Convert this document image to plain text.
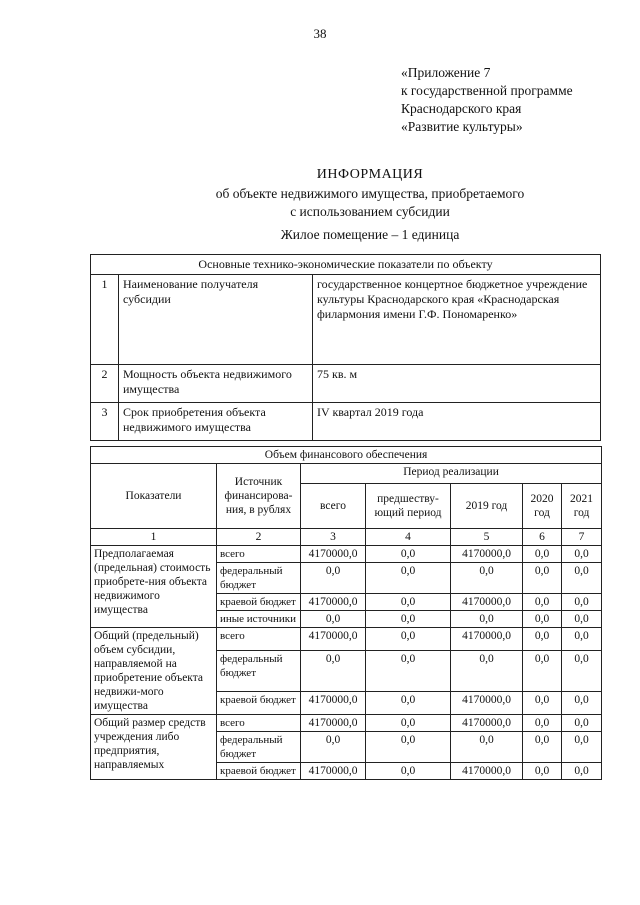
38
«Приложение 7
к государственной программе
Краснодарского края
«Развитие культуры»
ИНФОРМАЦИЯ
об объекте недвижимого имущества, приобретаемого
с использованием субсидии
Жилое помещение – 1 единица
Основные технико-экономические показатели по объекту		
1	Наименование получателя субсидии	государственное концертное бюджетное учреждение культуры Краснодарского края «Краснодарская филармония имени Г.Ф. Пономаренко»
2	Мощность объекта недвижимого имущества	75 кв. м
3	Срок приобретения объекта недвижимого имущества	IV квартал 2019 года
Объем финансового обеспечения						
Показатели	Источник финансирова-ния, в рублях	Период реализации				
		всего	предшеству-ющий период	2019 год	2020 год	2021 год
1	2	3	4	5	6	7
Предполагаемая (предельная) стоимость приобрете-ния объекта недвижимого имущества	всего	4170000,0	0,0	4170000,0	0,0	0,0
	федеральный бюджет	0,0	0,0	0,0	0,0	0,0
	краевой бюджет	4170000,0	0,0	4170000,0	0,0	0,0
	иные источники	0,0	0,0	0,0	0,0	0,0
Общий (предельный) объем субсидии, направляемой на приобретение объекта недвижи-мого имущества	всего	4170000,0	0,0	4170000,0	0,0	0,0
	федеральный бюджет	0,0	0,0	0,0	0,0	0,0
	краевой бюджет	4170000,0	0,0	4170000,0	0,0	0,0
Общий размер средств учреждения либо предприятия, направляемых	всего	4170000,0	0,0	4170000,0	0,0	0,0
	федеральный бюджет	0,0	0,0	0,0	0,0	0,0
	краевой бюджет	4170000,0	0,0	4170000,0	0,0	0,0
